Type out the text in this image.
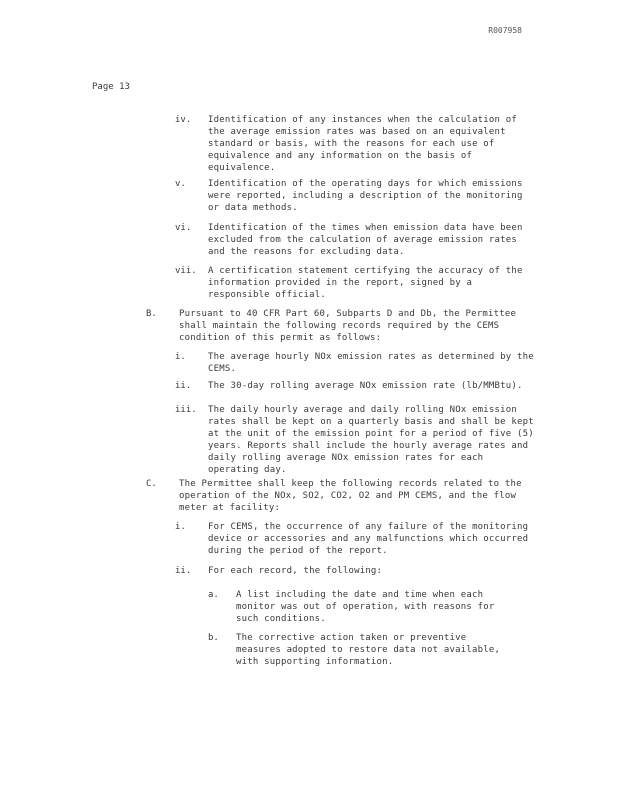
R007958
Page 13
iv. Identification of any instances when the calculation of the average emission rates was based on an equivalent standard or basis, with the reasons for each use of equivalence and any information on the basis of equivalence.
v. Identification of the operating days for which emissions were reported, including a description of the monitoring or data methods.
vi. Identification of the times when emission data have been excluded from the calculation of average emission rates and the reasons for excluding data.
vii. A certification statement certifying the accuracy of the information provided in the report, signed by a responsible official.
B. Pursuant to 40 CFR Part 60, Subparts D and Db, the Permittee shall maintain the following records required by the CEMS condition of this permit as follows:
i. The average hourly NOx emission rates as determined by the CEMS.
ii. The 30-day rolling average NOx emission rate (lb/MMBtu).
iii. The daily hourly average and daily rolling NOx emission rates shall be kept on a quarterly basis and shall be kept at the unit of the emission point for a period of five (5) years. Reports shall include the hourly average rates and daily rolling average NOx emission rates for each operating day.
C. The Permittee shall keep the following records related to the operation of the NOx, SO2, CO2, O2 and PM CEMS, and the flow meter at facility:
i. For CEMS, the occurrence of any failure of the monitoring device or accessories and any malfunctions which occurred during the period of the report.
ii. For each record, the following:
a. A list including the date and time when each monitor was out of operation, with reasons for such conditions.
b. The corrective action taken or preventive measures adopted to restore data not available, with supporting information.
